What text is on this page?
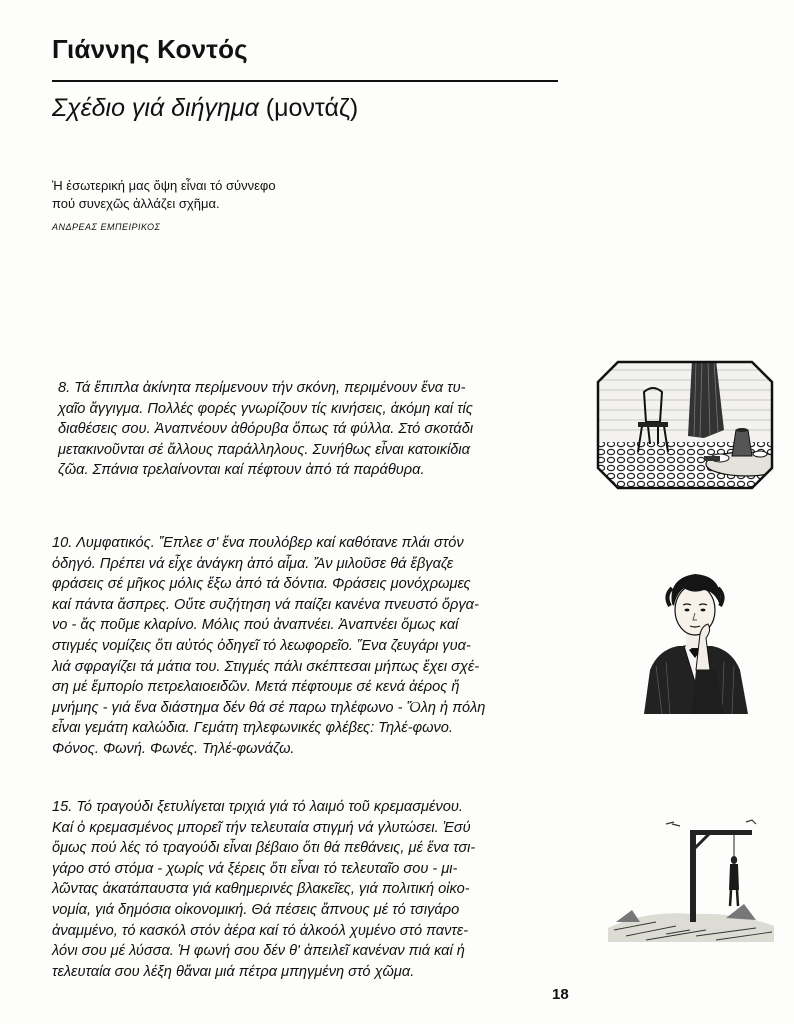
Γιάννης Κοντός
Σχέδιο γιά διήγημα (μοντάζ)
Ἡ ἐσωτερική μας ὄψη εἶναι τό σύννεφο
πού συνεχῶς ἀλλάζει σχῆμα.
ΑΝΔΡΕΑΣ ΕΜΠΕΙΡΙΚΟΣ

8. Τά ἔπιπλα ἀκίνητα περίμενουν τήν σκόνη, περιμένουν ἕνα τυ-
χαῖο ἄγγιγμα. Πολλές φορές γνωρίζουν τίς κινήσεις, ἀκόμη καί τίς
διαθέσεις σου. Ἀναπνέουν ἀθόρυβα ὅπως τά φύλλα. Στό σκοτάδι
μετακινοῦνται σέ ἄλλους παράλληλους. Συνήθως εἶναι κατοικίδια
ζῶα. Σπάνια τρελαίνονται καί πέφτουν ἀπό τά παράθυρα.

10. Λυμφατικός. Ἔπλεε σ' ἕνα πουλόβερ καί καθότανε πλάι στόν
ὁδηγό. Πρέπει νά εἶχε ἀνάγκη ἀπό αἷμα. Ἄν μιλοῦσε θά ἔβγαζε
φράσεις σέ μῆκος μόλις ἔξω ἀπό τά δόντια. Φράσεις μονόχρωμες
καί πάντα ἄσπρες. Οὔτε συζήτηση νά παίζει κανένα πνευστό ὄργα-
νο - ἄς ποῦμε κλαρίνο. Μόλις πού ἀναπνέει. Ἀναπνέει ὅμως καί
στιγμές νομίζεις ὅτι αὐτός ὁδηγεῖ τό λεωφορεῖο. Ἕνα ζευγάρι γυα-
λιά σφραγίζει τά μάτια του. Στιγμές πάλι σκέπτεσαι μήπως ἔχει σχέ-
ση μέ ἔμπορίο πετρελαιοειδῶν. Μετά πέφτουμε σέ κενά ἀέρος ἤ
μνήμης - γιά ἕνα διάστημα δέν θά σέ παρω τηλέφωνο - Ὅλη ἡ πόλη
εἶναι γεμάτη καλώδια. Γεμάτη τηλεφωνικές φλέβες: Τηλέ-φωνο.
Φόνος. Φωνή. Φωνές. Τηλέ-φωνάζω.

15. Τό τραγούδι ξετυλίγεται τριχιά γιά τό λαιμό τοῦ κρεμασμένου.
Καί ὁ κρεμασμένος μπορεῖ τήν τελευταία στιγμή νά γλυτώσει. Ἐσύ
ὅμως πού λές τό τραγούδι εἶναι βέβαιο ὅτι θά πεθάνεις, μέ ἕνα τσι-
γάρο στό στόμα - χωρίς νά ξέρεις ὅτι εἶναι τό τελευταῖο σου - μι-
λῶντας ἀκατάπαυστα γιά καθημερινές βλακεῖες, γιά πολιτική οἰκο-
νομία, γιά δημόσια οἰκονομική. Θά πέσεις ἄπνους μέ τό τσιγάρο
ἀναμμένο, τό κασκόλ στόν ἀέρα καί τό ἀλκοόλ χυμένο στό παντε-
λόνι σου μέ λύσσα. Ἡ φωνή σου δέν θ' ἀπειλεῖ κανέναν πιά καί ἡ
τελευταία σου λέξη θἄναι μιά πέτρα μπηγμένη στό χῶμα.

18
